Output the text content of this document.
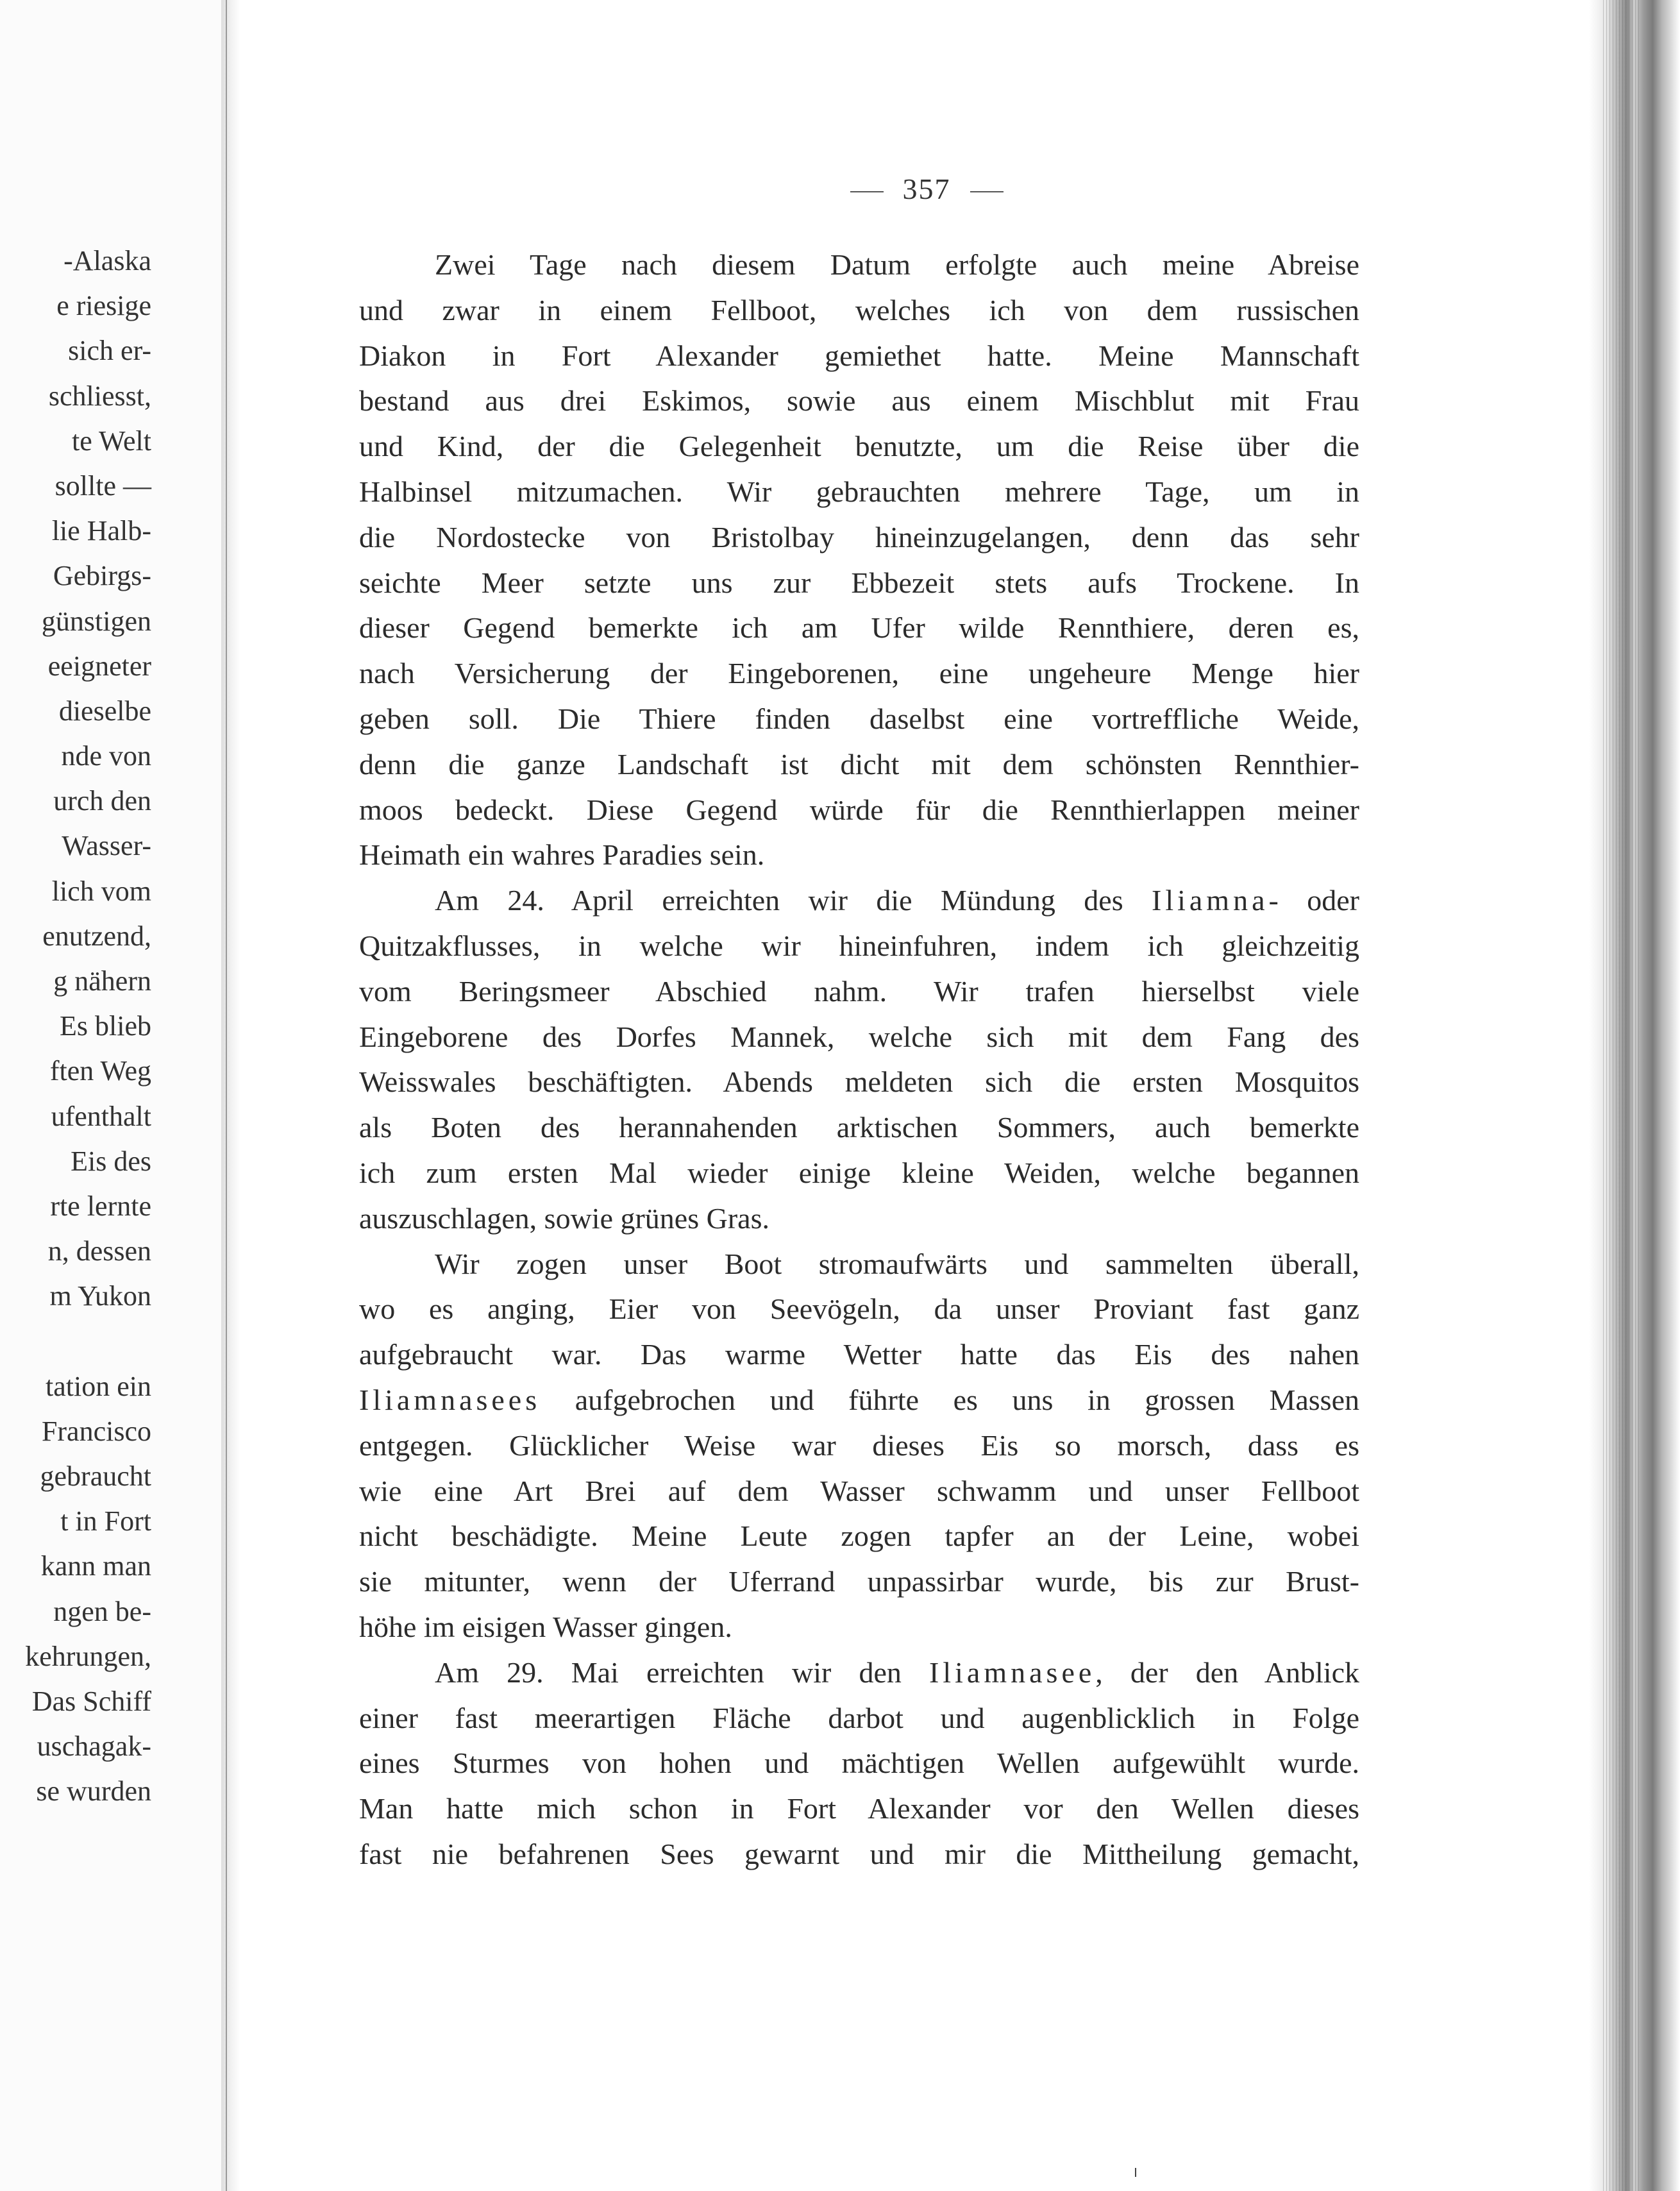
-Alaska
e riesige
sich er-
schliesst,
te Welt
sollte —
lie Halb-
Gebirgs-
günstigen
eeigneter
dieselbe
nde von
urch den
Wasser-
lich vom
enutzend,
g nähern
Es blieb
ften Weg
ufenthalt
Eis des
rte lernte
n, dessen
m Yukon
tation ein
Francisco
gebraucht
t in Fort
kann man
ngen be-
kehrungen,
Das Schiff
uschagak-
se wurden
357
Zwei Tage nach diesem Datum erfolgte auch meine Abreise
und zwar in einem Fellboot, welches ich von dem russischen
Diakon in Fort Alexander gemiethet hatte. Meine Mannschaft
bestand aus drei Eskimos, sowie aus einem Mischblut mit Frau
und Kind, der die Gelegenheit benutzte, um die Reise über die
Halbinsel mitzumachen. Wir gebrauchten mehrere Tage, um in
die Nordostecke von Bristolbay hineinzugelangen, denn das sehr
seichte Meer setzte uns zur Ebbezeit stets aufs Trockene. In
dieser Gegend bemerkte ich am Ufer wilde Rennthiere, deren es,
nach Versicherung der Eingeborenen, eine ungeheure Menge hier
geben soll. Die Thiere finden daselbst eine vortreffliche Weide,
denn die ganze Landschaft ist dicht mit dem schönsten Rennthier-
moos bedeckt. Diese Gegend würde für die Rennthierlappen meiner
Heimath ein wahres Paradies sein.
Am 24. April erreichten wir die Mündung des Iliamna- oder
Quitzakflusses, in welche wir hineinfuhren, indem ich gleichzeitig
vom Beringsmeer Abschied nahm. Wir trafen hierselbst viele
Eingeborene des Dorfes Mannek, welche sich mit dem Fang des
Weisswales beschäftigten. Abends meldeten sich die ersten Mosquitos
als Boten des herannahenden arktischen Sommers, auch bemerkte
ich zum ersten Mal wieder einige kleine Weiden, welche begannen
auszuschlagen, sowie grünes Gras.
Wir zogen unser Boot stromaufwärts und sammelten überall,
wo es anging, Eier von Seevögeln, da unser Proviant fast ganz
aufgebraucht war. Das warme Wetter hatte das Eis des nahen
Iliamnasees aufgebrochen und führte es uns in grossen Massen
entgegen. Glücklicher Weise war dieses Eis so morsch, dass es
wie eine Art Brei auf dem Wasser schwamm und unser Fellboot
nicht beschädigte. Meine Leute zogen tapfer an der Leine, wobei
sie mitunter, wenn der Uferrand unpassirbar wurde, bis zur Brust-
höhe im eisigen Wasser gingen.
Am 29. Mai erreichten wir den Iliamnasee, der den Anblick
einer fast meerartigen Fläche darbot und augenblicklich in Folge
eines Sturmes von hohen und mächtigen Wellen aufgewühlt wurde.
Man hatte mich schon in Fort Alexander vor den Wellen dieses
fast nie befahrenen Sees gewarnt und mir die Mittheilung gemacht,
